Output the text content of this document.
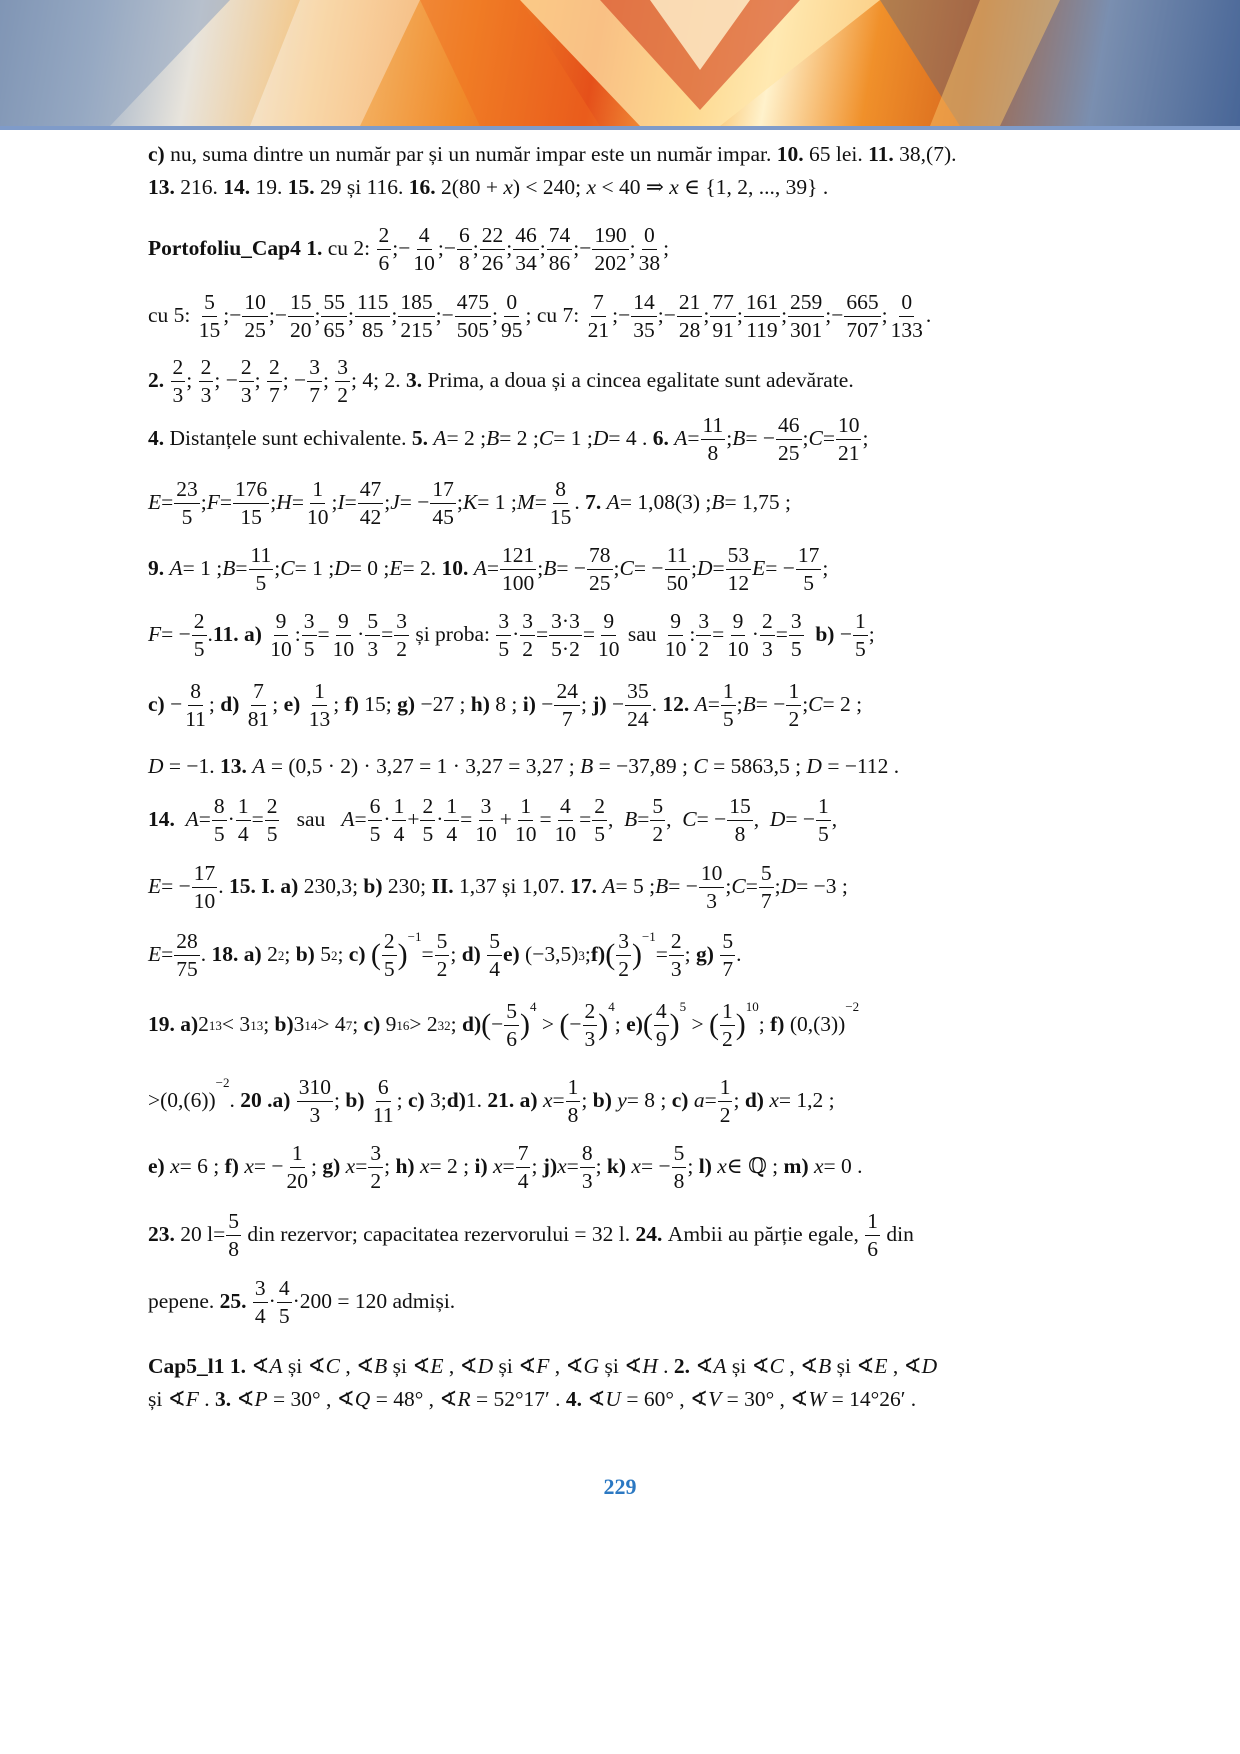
c) nu, suma dintre un număr par și un număr impar este un număr impar. 10. 65 lei. 11. 38,(7).
13. 216. 14. 19. 15. 29 și 116. 16. 2(80 + x) < 240; x < 40 ⇒ x ∈ {1, 2, ..., 39} .
Portofoliu_Cap4 1. cu 2:
2
6
;−
4
10
;−
6
8
;
22
26
;
46
34
;
74
86
;−
190
202
;
0
38
;
cu 5:
5
15
;−
10
25
;−
15
20
;
55
65
;
115
85
;
185
215
;−
475
505
;
0
95
; cu 7:
7
21
;−
14
35
;−
21
28
;
77
91
;
161
119
;
259
301
;−
665
707
;
0
133
.
2.

2
3
;
2
3
; −
2
3
;
2
7
; −
3
7
;
3
2
; 4; 2. 3. Prima, a doua și a cincea egalitate sunt adevărate.
4. Distanțele sunt echivalente. 5.
A = 2 ; B = 2 ; C = 1 ; D = 4 . 6.
A =
11
8
; B = −
46
25
; C =
10
21
;
E =
23
5
; F =
176
15
; H =
1
10
; I =
47
42
; J = −
17
45
; K = 1 ; M =
8
15
. 7.
A = 1,08(3) ; B = 1,75 ;
9.
A = 1 ; B =
11
5
; C = 1 ; D = 0 ; E = 2. 10.
A =
121
100
; B = −
78
25
; C = −
11
50
; D =
53
12
E = −
17
5
;
F = −
2
5
. 11. a)

9
10
:
3
5
=
9
10
·
5
3
=
3
2
și proba:
3
5
·
3
2
=
3·3
5·2
=
9
10
sau
9
10
:
3
2
=
9
10
·
2
3
=
3
5

b) −
1
5
;
c) −
8
11
; d)

7
81
; e)

1
13
; f) 15; g) −27 ; h) 8 ; i) −
24
7
; j) −
35
24
. 12.
A =
1
5
; B = −
1
2
; C = 2 ;
D = −1. 13. A = (0,5 · 2) · 3,27 = 1 · 3,27 = 3,27 ; B = −37,89 ; C = 5863,5 ; D = −112 .
14.
A =
8
5
·
1
4
=
2
5
sau A =
6
5
·
1
4
+
2
5
·
1
4
=
3
10
+
1
10
=
4
10
=
2
5
, B =
5
2
, C = −
15
8
, D = −
1
5
,
E = −
17
10
. 15. I. a) 230,3; b) 230; II. 1,37 și 1,07. 17.
A = 5 ; B = −
10
3
; C =
5
7
; D = −3 ;
E =
28
75
. 18. a) 2 2 ; b) 5 2 ; c)
( 2
5 )
$^{-1}$
=
5
2
; d)

5
4
e) (−3,5) 3 ; f) ( 3
2 )
$^{-1}$
=
2
3
; g)

5
7
.
19. a) 2 13 < 3 13 ; b) 3 14 > 4 7 ; c) 9 16 > 2 32 ; d) ( −
5
6 )
$^4$
> ( −
2
3 )
$^4$
; e) ( 4
9 )
$^5$
> ( 1
2 )
$^{10}$
; f) (0,(3))
−2
>(0,(6))
−2
. 20 .a)

310
3
; b)

6
11
; c) 3; d) 1. 21. a)
x =
1
8
; b)
y = 8 ; c)
a =
1
2
; d)
x = 1,2 ;
e)
x = 6 ; f)
x = −
1
20
; g)
x =
3
2
; h)
x = 2 ; i)
x =
7
4
; j) x =
8
3
; k)
x = −
5
8
; l)
x ∈ ℚ ; m)
x = 0 .
23. 20 l=
5
8
din rezervor; capacitatea rezervorului = 32 l. 24. Ambii au părție egale,
1
6
din
pepene. 25.

3
4
·
4
5
·200 = 120 admiși.
Cap5_l1 1. ∢A și ∢C , ∢B și ∢E , ∢D și ∢F , ∢G și ∢H . 2. ∢A și ∢C , ∢B și ∢E , ∢D
și ∢F . 3. ∢P = 30° , ∢Q = 48° , ∢R = 52°17′ . 4. ∢U = 60° , ∢V = 30° , ∢W = 14°26′ .
229
